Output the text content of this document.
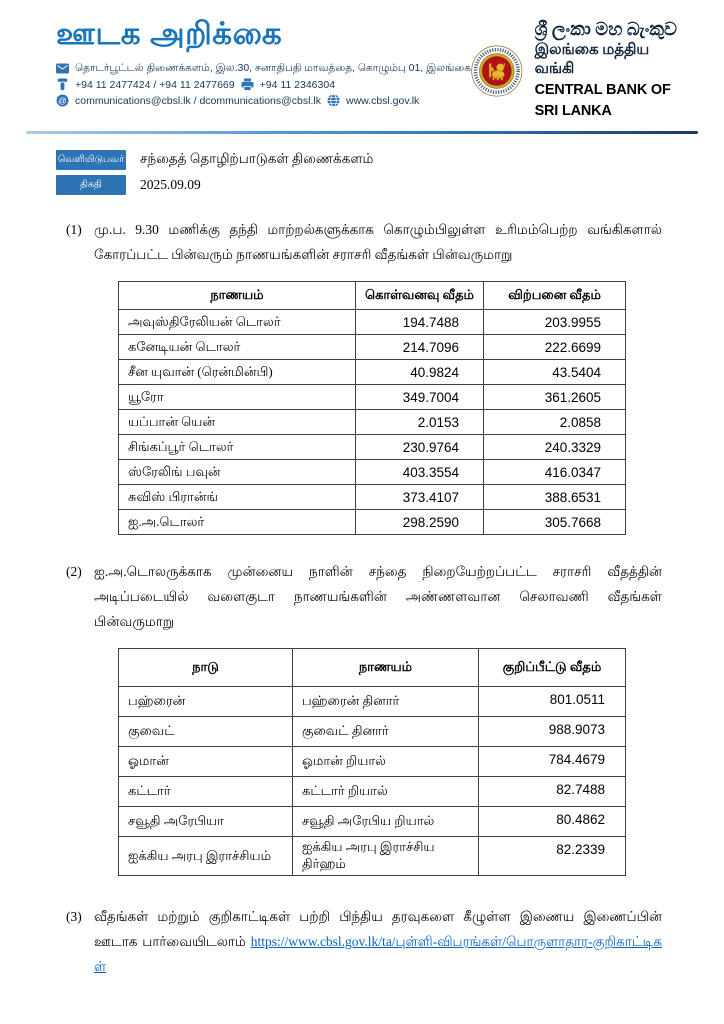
ஊடக அறிக்கை
தொடர்பூட்டல் திணைக்களம், இல.30, சனாதிபதி மாவத்தை, கொழும்பு 01, இலங்கை
+94 11 2477424 / +94 11 2477669 +94 11 2346304
@ communications@cbsl.lk / dcommunications@cbsl.lk www.cbsl.gov.lk
ශ්‍රී ලංකා මහ බැංකුව
இலங்கை மத்திய வங்கி
CENTRAL BANK OF SRI LANKA
வெளியிடுபவர் சந்தைத் தொழிற்பாடுகள் திணைக்களம்
திகதி	2025.09.09
(1) மு.ப. 9.30 மணிக்கு தந்தி மாற்றல்களுக்காக கொழும்பிலுள்ள உரிமம்பெற்ற வங்கிகளால் கோரப்பட்ட பின்வரும் நாணயங்களின் சராசரி வீதங்கள் பின்வருமாறு
நாணயம்	கொள்வனவு வீதம்	விற்பனை வீதம்
அவுஸ்திரேலியன் டொலர்	194.7488	203.9955
கனேடியன் டொலர்	214.7096	222.6699
சீன யுவான் (ரென்மின்பி)	40.9824	43.5404
யூரோ	349.7004	361.2605
யப்பான் யென்	2.0153	2.0858
சிங்கப்பூர் டொலர்	230.9764	240.3329
ஸ்ரேலிங் பவுன்	403.3554	416.0347
சுவிஸ் பிரான்ங்	373.4107	388.6531
ஐ.அ.டொலர்	298.2590	305.7668
(2) ஐ.அ.டொலருக்காக முன்னைய நாளின் சந்தை நிறையேற்றப்பட்ட சராசரி வீதத்தின் அடிப்படையில் வளைகுடா நாணயங்களின் அண்ணளவான செலாவணி வீதங்கள் பின்வருமாறு
நாடு	நாணயம்	குறிப்பீட்டு வீதம்
பஹ்ரைன்	பஹ்ரைன் தினார்	801.0511
குவைட்	குவைட் தினார்	988.9073
ஓமான்	ஓமான் றியால்	784.4679
கட்டார்	கட்டார் றியால்	82.7488
சவூதி அரேபியா	சவூதி அரேபிய றியால்	80.4862
ஐக்கிய அரபு இராச்சியம்	ஐக்கிய அரபு இராச்சிய திர்ஹம்	82.2339
(3) வீதங்கள் மற்றும் குறிகாட்டிகள் பற்றி பிந்திய தரவுகளை கீழுள்ள இணைய இணைப்பின் ஊடாக பார்வையிடலாம் https://www.cbsl.gov.lk/ta/புள்ளி-விபரங்கள்/பொருளாதார-குறிகாட்டிகள்
